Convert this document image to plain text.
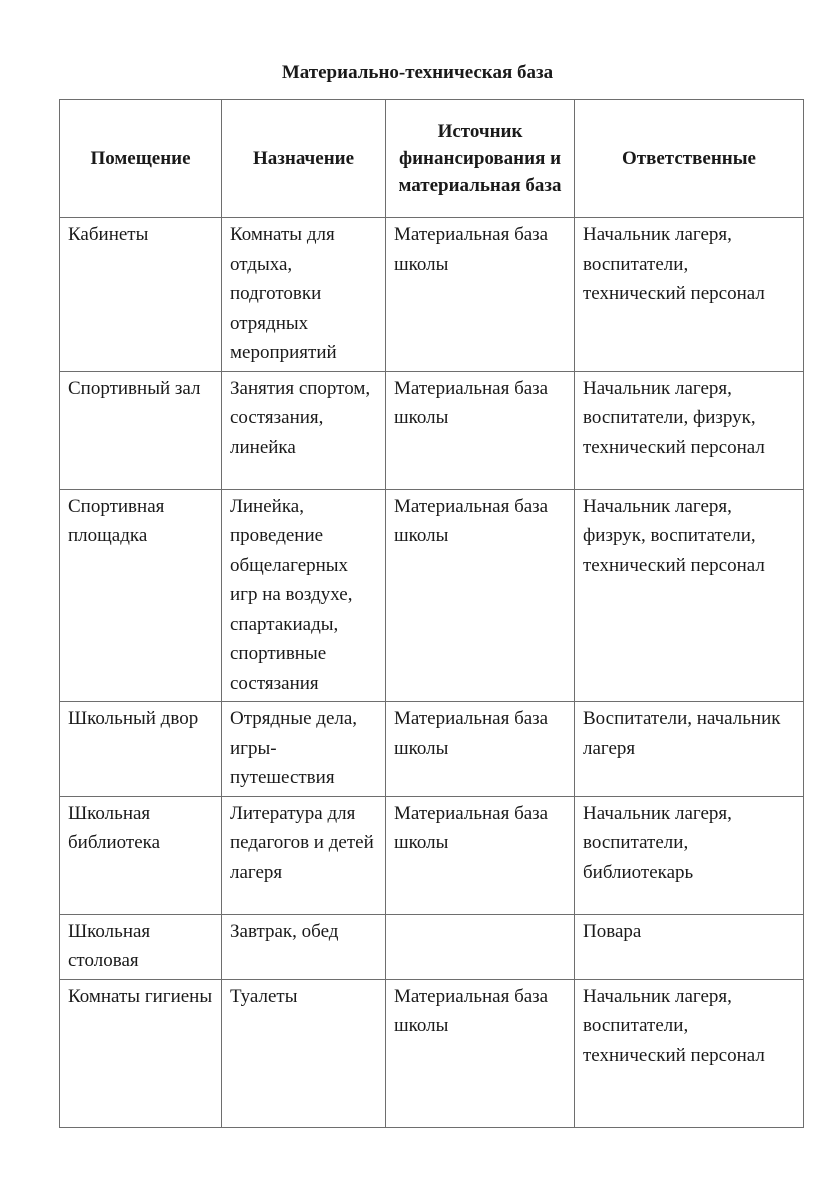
Материально-техническая база
Помещение	Назначение	Источник финансирования и материальная база	Ответственные
Кабинеты	Комнаты для отдыха, подготовки отрядных мероприятий	Материальная база школы	Начальник лагеря, воспитатели, технический персонал
Спортивный зал	Занятия спортом, состязания, линейка	Материальная база школы	Начальник лагеря, воспитатели, физрук, технический персонал
Спортивная площадка	Линейка, проведение общелагерных игр на воздухе, спартакиады, спортивные состязания	Материальная база школы	Начальник лагеря, физрук, воспитатели, технический персонал
Школьный двор	Отрядные дела, игры-путешествия	Материальная база школы	Воспитатели, начальник лагеря
Школьная библиотека	Литература для педагогов и детей лагеря	Материальная база школы	Начальник лагеря, воспитатели, библиотекарь
Школьная столовая	Завтрак, обед		Повара
Комнаты гигиены	Туалеты	Материальная база школы	Начальник лагеря, воспитатели, технический персонал
